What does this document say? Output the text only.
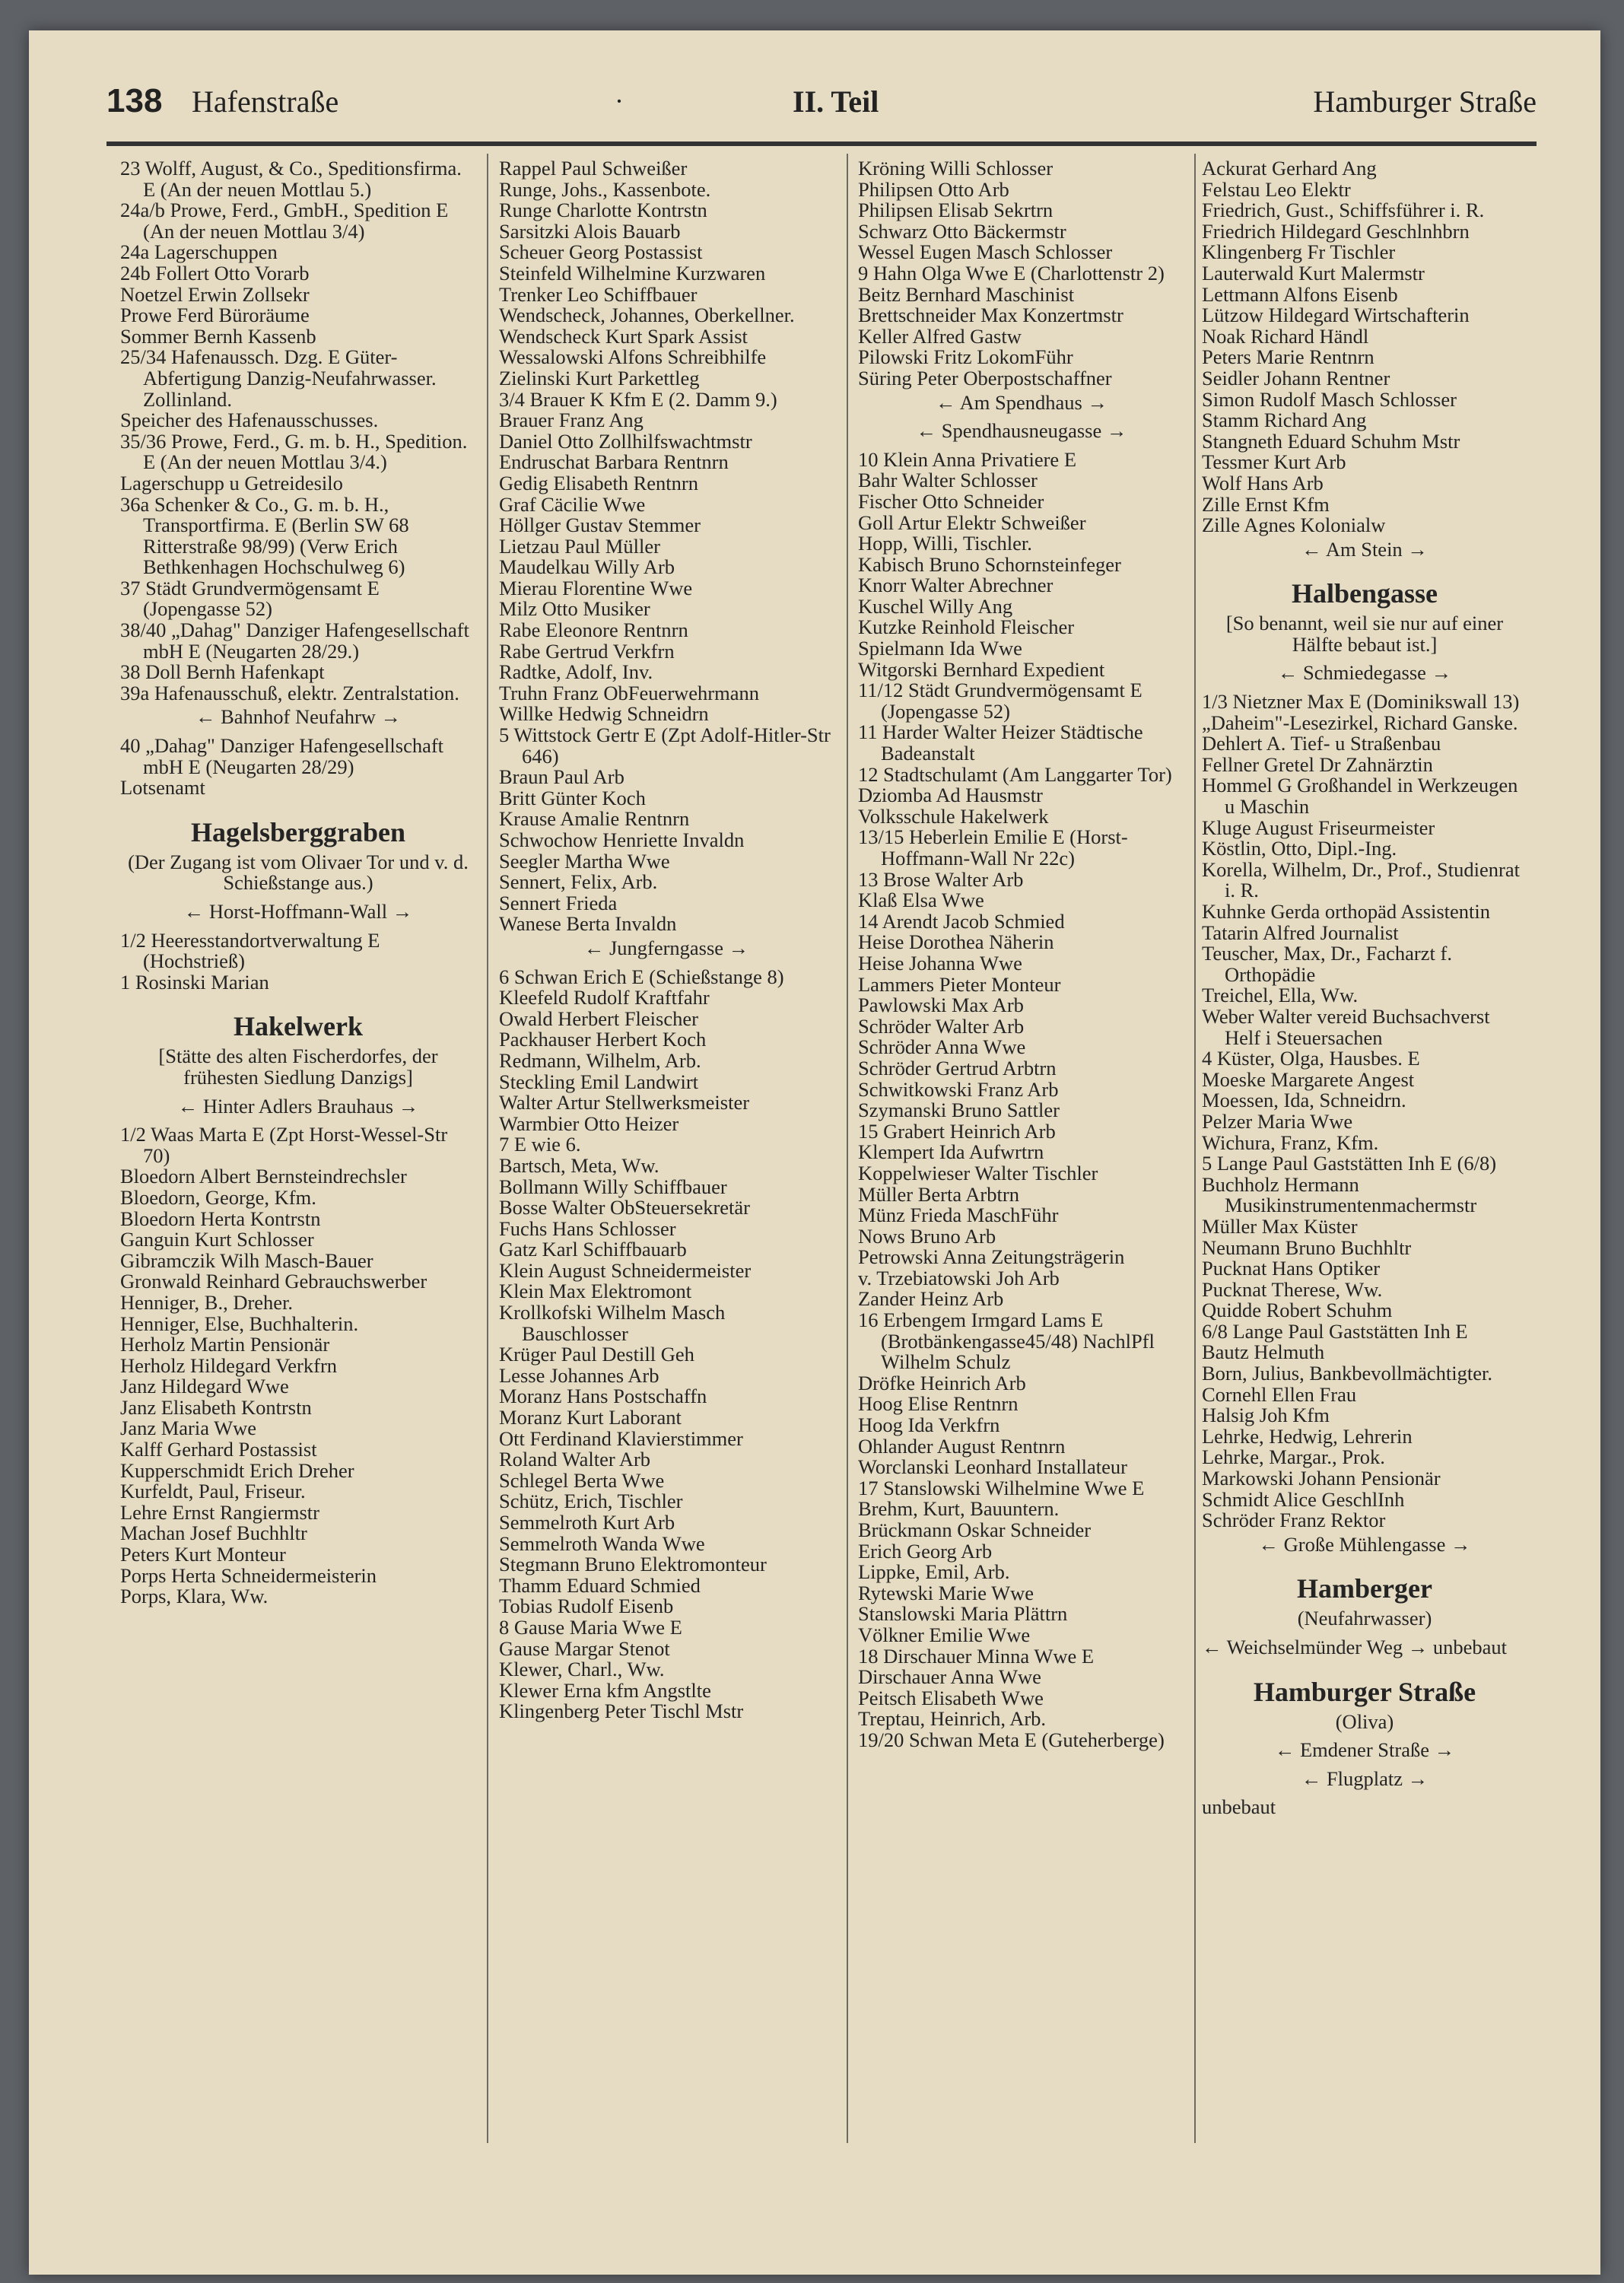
138 Hafenstraße	·	II. Teil	Hamburger Straße

23 Wolff, August, & Co., Speditionsfirma. E (An der neuen Mottlau 5.)

24a/b Prowe, Ferd., GmbH., Spedition E (An der neuen Mottlau 3/4)

24a Lagerschuppen

24b Follert Otto Vorarb

Noetzel Erwin Zollsekr

Prowe Ferd Büroräume

Sommer Bernh Kassenb

25/34 Hafenaussch. Dzg. E Güter-Abfertigung Danzig-Neufahrwasser. Zollinland.

Speicher des Hafenausschusses.

35/36 Prowe, Ferd., G. m. b. H., Spedition. E (An der neuen Mottlau 3/4.)

Lagerschupp u Getreidesilo

36a Schenker & Co., G. m. b. H., Transportfirma. E (Berlin SW 68 Ritterstraße 98/99) (Verw Erich Bethkenhagen Hochschulweg 6)

37 Städt Grundvermögensamt E (Jopengasse 52)

38/40 „Dahag" Danziger Hafengesellschaft mbH E (Neugarten 28/29.)

38 Doll Bernh Hafenkapt

39a Hafenausschuß, elektr. Zentralstation.

← Bahnhof Neufahrw →

40 „Dahag" Danziger Hafengesellschaft mbH E (Neugarten 28/29)

Lotsenamt

Hagelsberggraben

(Der Zugang ist vom Olivaer Tor und v. d. Schießstange aus.)

← Horst-Hoffmann-Wall →

1/2 Heeresstandortverwaltung E (Hochstrieß)

1 Rosinski Marian

Hakelwerk

[Stätte des alten Fischerdorfes, der frühesten Siedlung Danzigs]

← Hinter Adlers Brauhaus →

1/2 Waas Marta E (Zpt Horst-Wessel-Str 70)

Bloedorn Albert Bernsteindrechsler

Bloedorn, George, Kfm.

Bloedorn Herta Kontrstn

Ganguin Kurt Schlosser

Gibramczik Wilh Masch-Bauer

Gronwald Reinhard Gebrauchswerber

Henniger, B., Dreher.

Henniger, Else, Buchhalterin.

Herholz Martin Pensionär

Herholz Hildegard Verkfrn

Janz Hildegard Wwe

Janz Elisabeth Kontrstn

Janz Maria Wwe

Kalff Gerhard Postassist

Kupperschmidt Erich Dreher

Kurfeldt, Paul, Friseur.

Lehre Ernst Rangiermstr

Machan Josef Buchhltr

Peters Kurt Monteur

Porps Herta Schneidermeisterin

Porps, Klara, Ww.

Rappel Paul Schweißer

Runge, Johs., Kassenbote.

Runge Charlotte Kontrstn

Sarsitzki Alois Bauarb

Scheuer Georg Postassist

Steinfeld Wilhelmine Kurzwaren

Trenker Leo Schiffbauer

Wendscheck, Johannes, Oberkellner.

Wendscheck Kurt Spark Assist

Wessalowski Alfons Schreibhilfe

Zielinski Kurt Parkettleg

3/4 Brauer K Kfm E (2. Damm 9.)

Brauer Franz Ang

Daniel Otto Zollhilfswachtmstr

Endruschat Barbara Rentnrn

Gedig Elisabeth Rentnrn

Graf Cäcilie Wwe

Höllger Gustav Stemmer

Lietzau Paul Müller

Maudelkau Willy Arb

Mierau Florentine Wwe

Milz Otto Musiker

Rabe Eleonore Rentnrn

Rabe Gertrud Verkfrn

Radtke, Adolf, Inv.

Truhn Franz ObFeuerwehrmann

Willke Hedwig Schneidrn

5 Wittstock Gertr E (Zpt Adolf-Hitler-Str 646)

Braun Paul Arb

Britt Günter Koch

Krause Amalie Rentnrn

Schwochow Henriette Invaldn

Seegler Martha Wwe

Sennert, Felix, Arb.

Sennert Frieda

Wanese Berta Invaldn

← Jungferngasse →

6 Schwan Erich E (Schießstange 8)

Kleefeld Rudolf Kraftfahr

Owald Herbert Fleischer

Packhauser Herbert Koch

Redmann, Wilhelm, Arb.

Steckling Emil Landwirt

Walter Artur Stellwerksmeister

Warmbier Otto Heizer

7 E wie 6.

Bartsch, Meta, Ww.

Bollmann Willy Schiffbauer

Bosse Walter ObSteuersekretär

Fuchs Hans Schlosser

Gatz Karl Schiffbauarb

Klein August Schneidermeister

Klein Max Elektromont

Krollkofski Wilhelm Masch Bauschlosser

Krüger Paul Destill Geh

Lesse Johannes Arb

Moranz Hans Postschaffn

Moranz Kurt Laborant

Ott Ferdinand Klavierstimmer

Roland Walter Arb

Schlegel Berta Wwe

Schütz, Erich, Tischler

Semmelroth Kurt Arb

Semmelroth Wanda Wwe

Stegmann Bruno Elektromonteur

Thamm Eduard Schmied

Tobias Rudolf Eisenb

8 Gause Maria Wwe E

Gause Margar Stenot

Klewer, Charl., Ww.

Klewer Erna kfm Angstlte

Klingenberg Peter Tischl Mstr

Kröning Willi Schlosser

Philipsen Otto Arb

Philipsen Elisab Sekrtrn

Schwarz Otto Bäckermstr

Wessel Eugen Masch Schlosser

9 Hahn Olga Wwe E (Charlottenstr 2)

Beitz Bernhard Maschinist

Brettschneider Max Konzertmstr

Keller Alfred Gastw

Pilowski Fritz LokomFühr

Süring Peter Oberpostschaffner

← Am Spendhaus →

← Spendhausneugasse →

10 Klein Anna Privatiere E

Bahr Walter Schlosser

Fischer Otto Schneider

Goll Artur Elektr Schweißer

Hopp, Willi, Tischler.

Kabisch Bruno Schornsteinfeger

Knorr Walter Abrechner

Kuschel Willy Ang

Kutzke Reinhold Fleischer

Spielmann Ida Wwe

Witgorski Bernhard Expedient

11/12 Städt Grundvermögensamt E (Jopengasse 52)

11 Harder Walter Heizer Städtische Badeanstalt

12 Stadtschulamt (Am Langgarter Tor)

Dziomba Ad Hausmstr

Volksschule Hakelwerk

13/15 Heberlein Emilie E (Horst-Hoffmann-Wall Nr 22c)

13 Brose Walter Arb

Klaß Elsa Wwe

14 Arendt Jacob Schmied

Heise Dorothea Näherin

Heise Johanna Wwe

Lammers Pieter Monteur

Pawlowski Max Arb

Schröder Walter Arb

Schröder Anna Wwe

Schröder Gertrud Arbtrn

Schwitkowski Franz Arb

Szymanski Bruno Sattler

15 Grabert Heinrich Arb

Klempert Ida Aufwrtrn

Koppelwieser Walter Tischler

Müller Berta Arbtrn

Münz Frieda MaschFühr

Nows Bruno Arb

Petrowski Anna Zeitungsträgerin

v. Trzebiatowski Joh Arb

Zander Heinz Arb

16 Erbengem Irmgard Lams E (Brotbänkengasse45/48) NachlPfl Wilhelm Schulz

Dröfke Heinrich Arb

Hoog Elise Rentnrn

Hoog Ida Verkfrn

Ohlander August Rentnrn

Worclanski Leonhard Installateur

17 Stanslowski Wilhelmine Wwe E

Brehm, Kurt, Bauuntern.

Brückmann Oskar Schneider

Erich Georg Arb

Lippke, Emil, Arb.

Rytewski Marie Wwe

Stanslowski Maria Plättrn

Völkner Emilie Wwe

18 Dirschauer Minna Wwe E

Dirschauer Anna Wwe

Peitsch Elisabeth Wwe

Treptau, Heinrich, Arb.

19/20 Schwan Meta E (Guteherberge)

Ackurat Gerhard Ang

Felstau Leo Elektr

Friedrich, Gust., Schiffsführer i. R.

Friedrich Hildegard Geschlnhbrn

Klingenberg Fr Tischler

Lauterwald Kurt Malermstr

Lettmann Alfons Eisenb

Lützow Hildegard Wirtschafterin

Noak Richard Händl

Peters Marie Rentnrn

Seidler Johann Rentner

Simon Rudolf Masch Schlosser

Stamm Richard Ang

Stangneth Eduard Schuhm Mstr

Tessmer Kurt Arb

Wolf Hans Arb

Zille Ernst Kfm

Zille Agnes Kolonialw

← Am Stein →

Halbengasse

[So benannt, weil sie nur auf einer Hälfte bebaut ist.]

← Schmiedegasse →

1/3 Nietzner Max E (Dominikswall 13)

„Daheim"-Lesezirkel, Richard Ganske.

Dehlert A. Tief- u Straßenbau

Fellner Gretel Dr Zahnärztin

Hommel G Großhandel in Werkzeugen u Maschin

Kluge August Friseurmeister

Köstlin, Otto, Dipl.-Ing.

Korella, Wilhelm, Dr., Prof., Studienrat i. R.

Kuhnke Gerda orthopäd Assistentin

Tatarin Alfred Journalist

Teuscher, Max, Dr., Facharzt f. Orthopädie

Treichel, Ella, Ww.

Weber Walter vereid Buchsachverst Helf i Steuersachen

4 Küster, Olga, Hausbes. E

Moeske Margarete Angest

Moessen, Ida, Schneidrn.

Pelzer Maria Wwe

Wichura, Franz, Kfm.

5 Lange Paul Gaststätten Inh E (6/8)

Buchholz Hermann Musikinstrumentenmachermstr

Müller Max Küster

Neumann Bruno Buchhltr

Pucknat Hans Optiker

Pucknat Therese, Ww.

Quidde Robert Schuhm

6/8 Lange Paul Gaststätten Inh E

Bautz Helmuth

Born, Julius, Bankbevollmächtigter.

Cornehl Ellen Frau

Halsig Joh Kfm

Lehrke, Hedwig, Lehrerin

Lehrke, Margar., Prok.

Markowski Johann Pensionär

Schmidt Alice GeschlInh

Schröder Franz Rektor

← Große Mühlengasse →

Hamberger

(Neufahrwasser)

← Weichselmünder Weg → unbebaut

Hamburger Straße

(Oliva)

← Emdener Straße →

← Flugplatz →

unbebaut
